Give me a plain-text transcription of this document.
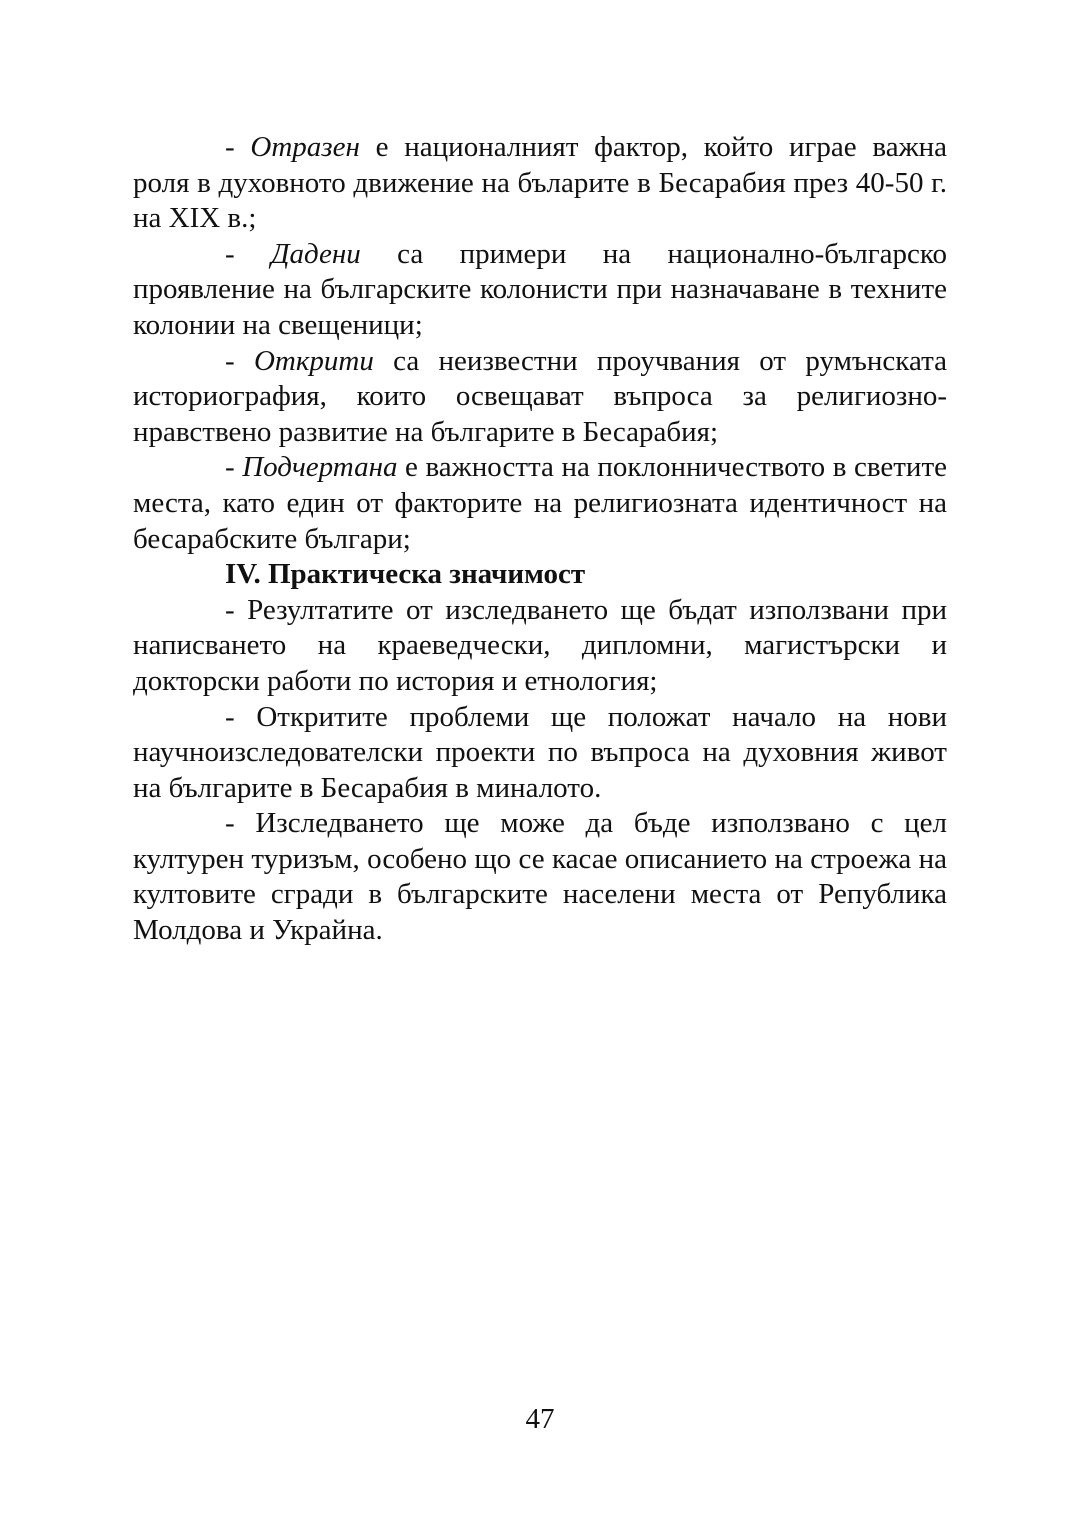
- Отразен е националният фактор, който играе важна роля в духовното движение на бъларите в Бесарабия през 40-50 г. на XIX в.;

- Дадени са примери на национално-българско проявление на българските колонисти при назначаване в техните колонии на свещеници;

- Открити са неизвестни проучвания от румънската историография, които освещават въпроса за религиозно-нравствено развитие на българите в Бесарабия;

- Подчертана е важността на поклонничеството в светите места, като един от факторите на религиозната идентичност на бесарабските българи;

IV. Практическа значимост

- Резултатите от изследването ще бъдат използвани при написването на краеведчески, дипломни, магистърски и докторски работи по история и етнология;

- Откритите проблеми ще положат начало на нови научноизследователски проекти по въпроса на духовния живот на българите в Бесарабия в миналото.

- Изследването ще може да бъде използвано с цел културен туризъм, особено що се касае описанието на строежа на култовите сгради в българските населени места от Република Молдова и Украйна.

47
